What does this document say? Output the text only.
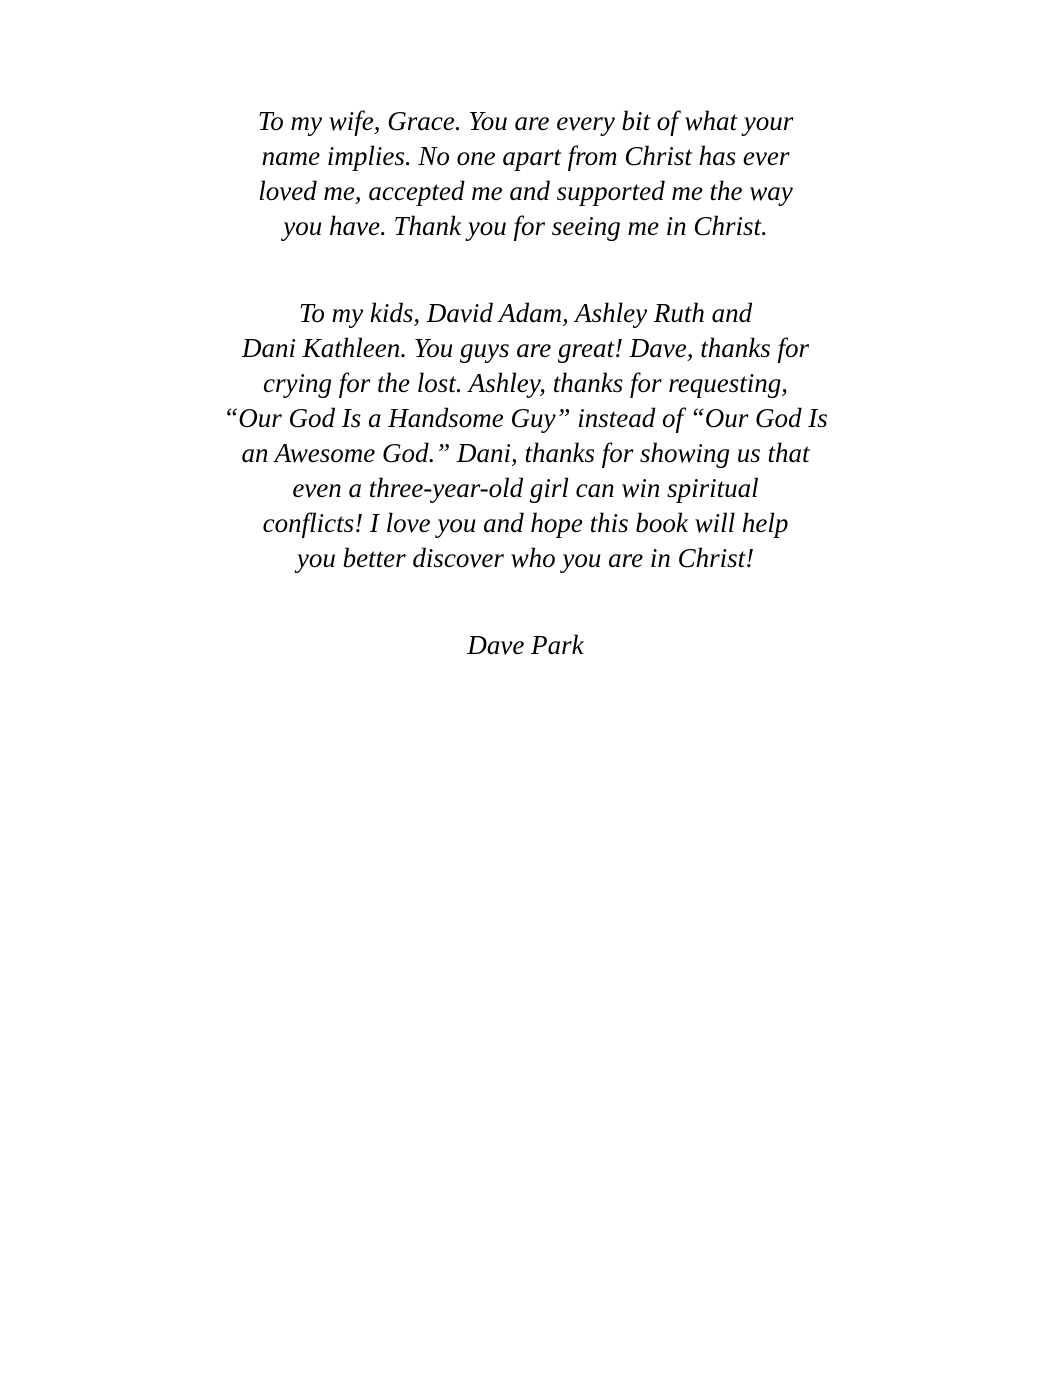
To my wife, Grace. You are every bit of what your
name implies. No one apart from Christ has ever
loved me, accepted me and supported me the way
you have. Thank you for seeing me in Christ.
To my kids, David Adam, Ashley Ruth and
Dani Kathleen. You guys are great! Dave, thanks for
crying for the lost. Ashley, thanks for requesting,
“Our God Is a Handsome Guy” instead of “Our God Is
an Awesome God.” Dani, thanks for showing us that
even a three-year-old girl can win spiritual
conflicts! I love you and hope this book will help
you better discover who you are in Christ!
Dave Park
